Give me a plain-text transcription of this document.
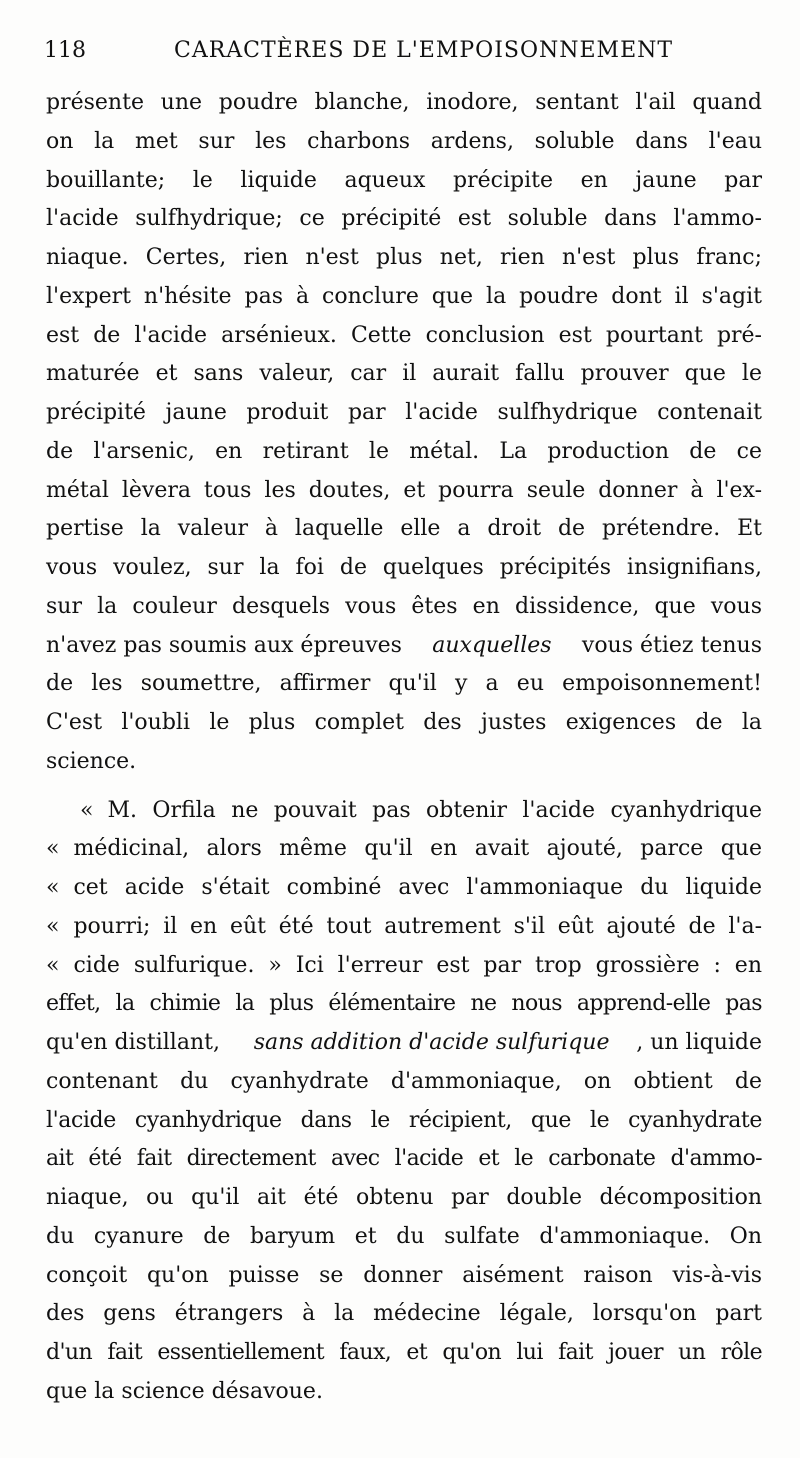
118	CARACTÈRES DE L'EMPOISONNEMENT
présente une poudre blanche, inodore, sentant l'ail quand
on la met sur les charbons ardens, soluble dans l'eau
bouillante; le liquide aqueux précipite en jaune par
l'acide sulfhydrique; ce précipité est soluble dans l'ammo-
niaque. Certes, rien n'est plus net, rien n'est plus franc;
l'expert n'hésite pas à conclure que la poudre dont il s'agit
est de l'acide arsénieux. Cette conclusion est pourtant pré-
maturée et sans valeur, car il aurait fallu prouver que le
précipité jaune produit par l'acide sulfhydrique contenait
de l'arsenic, en retirant le métal. La production de ce
métal lèvera tous les doutes, et pourra seule donner à l'ex-
pertise la valeur à laquelle elle a droit de prétendre. Et
vous voulez, sur la foi de quelques précipités insignifians,
sur la couleur desquels vous êtes en dissidence, que vous
n'avez pas soumis aux épreuves auxquelles vous étiez tenus
de les soumettre, affirmer qu'il y a eu empoisonnement!
C'est l'oubli le plus complet des justes exigences de la
science.
« M. Orfila ne pouvait pas obtenir l'acide cyanhydrique
« médicinal, alors même qu'il en avait ajouté, parce que
« cet acide s'était combiné avec l'ammoniaque du liquide
« pourri; il en eût été tout autrement s'il eût ajouté de l'a-
« cide sulfurique. » Ici l'erreur est par trop grossière : en
effet, la chimie la plus élémentaire ne nous apprend-elle pas
qu'en distillant, sans addition d'acide sulfurique , un liquide
contenant du cyanhydrate d'ammoniaque, on obtient de
l'acide cyanhydrique dans le récipient, que le cyanhydrate
ait été fait directement avec l'acide et le carbonate d'ammo-
niaque, ou qu'il ait été obtenu par double décomposition
du cyanure de baryum et du sulfate d'ammoniaque. On
conçoit qu'on puisse se donner aisément raison vis-à-vis
des gens étrangers à la médecine légale, lorsqu'on part
d'un fait essentiellement faux, et qu'on lui fait jouer un rôle
que la science désavoue.
